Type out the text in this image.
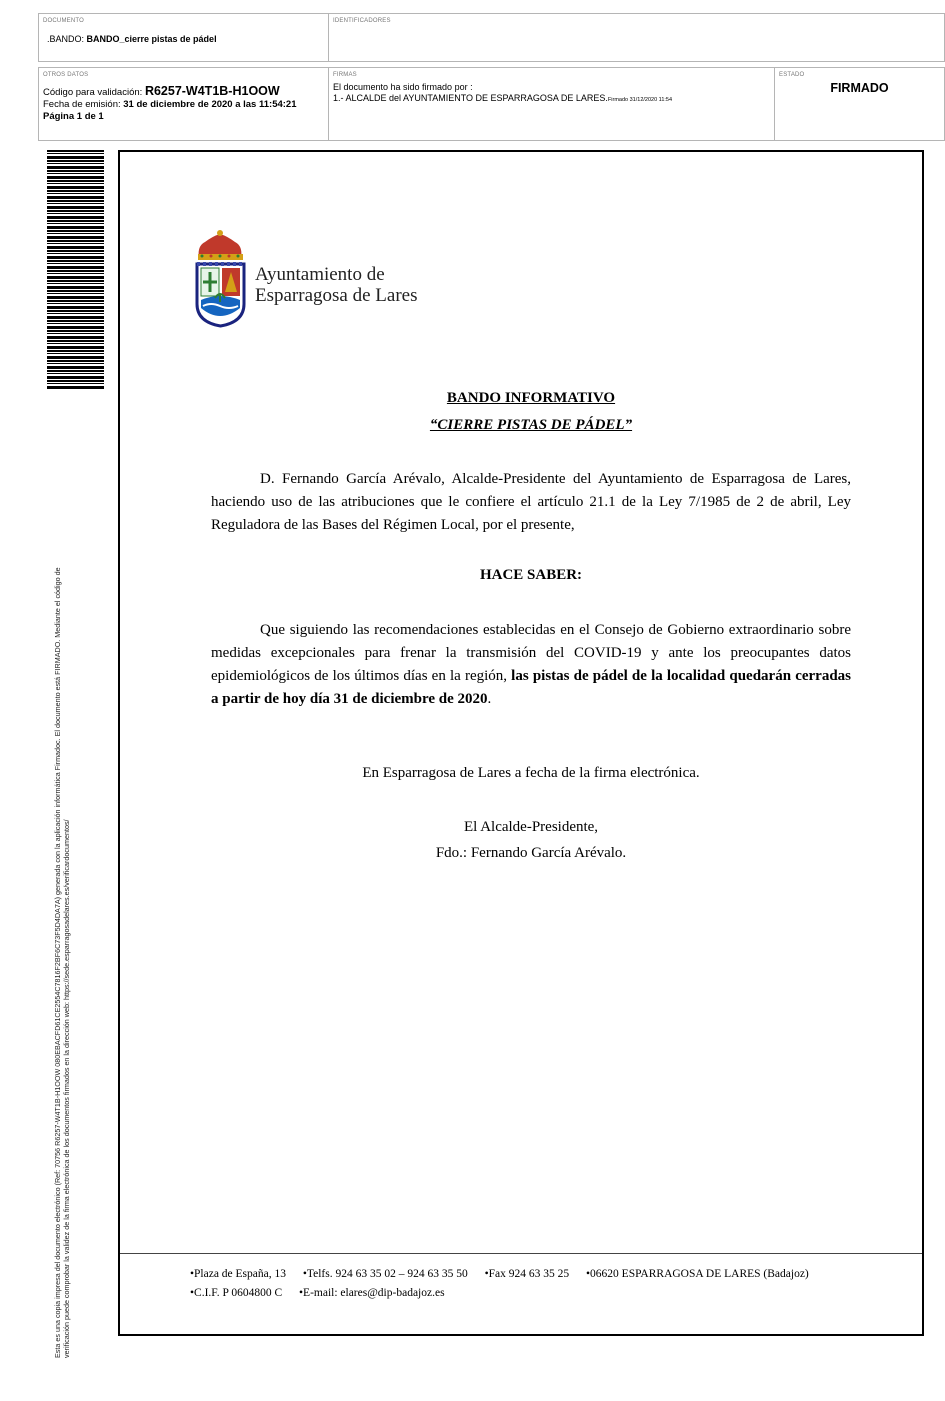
DOCUMENTO
.BANDO: BANDO_cierre pistas de pádel
IDENTIFICADORES
OTROS DATOS
Código para validación: R6257-W4T1B-H1OOW
Fecha de emisión: 31 de diciembre de 2020 a las 11:54:21
Página 1 de 1
FIRMAS
El documento ha sido firmado por :
1.- ALCALDE del AYUNTAMIENTO DE ESPARRAGOSA DE LARES.Firmado 31/12/2020 11:54
ESTADO
FIRMADO
Esta es una copia impresa del documento electrónico (Ref: 70756 R6257-W4T1B-H1OOW 080EBACFD61CE2554C7816F2BF6C73F5D4DA7A) generada con la aplicación informática Firmadoc. El documento está FIRMADO. Mediante el código de verificación puede comprobar la validez de la firma electrónica de los documentos firmados en la dirección web: https://sede.esparragosadelares.es/verificardocumentos/
Ayuntamiento de
Esparragosa de Lares
BANDO INFORMATIVO
“CIERRE PISTAS DE PÁDEL”
D. Fernando García Arévalo, Alcalde-Presidente del Ayuntamiento de Esparragosa de Lares, haciendo uso de las atribuciones que le confiere el artículo 21.1 de la Ley 7/1985 de 2 de abril, Ley Reguladora de las Bases del Régimen Local, por el presente,
HACE SABER:
Que siguiendo las recomendaciones establecidas en el Consejo de Gobierno extraordinario sobre medidas excepcionales para frenar la transmisión del COVID-19 y ante los preocupantes datos epidemiológicos de los últimos días en la región, las pistas de pádel de la localidad quedarán cerradas a partir de hoy día 31 de diciembre de 2020.
En Esparragosa de Lares a fecha de la firma electrónica.
El Alcalde-Presidente,
Fdo.: Fernando García Arévalo.
•Plaza de España, 13 •Telfs. 924 63 35 02 – 924 63 35 50 •Fax 924 63 35 25 •06620 ESPARRAGOSA DE LARES (Badajoz)
•C.I.F. P 0604800 C •E-mail: elares@dip-badajoz.es
